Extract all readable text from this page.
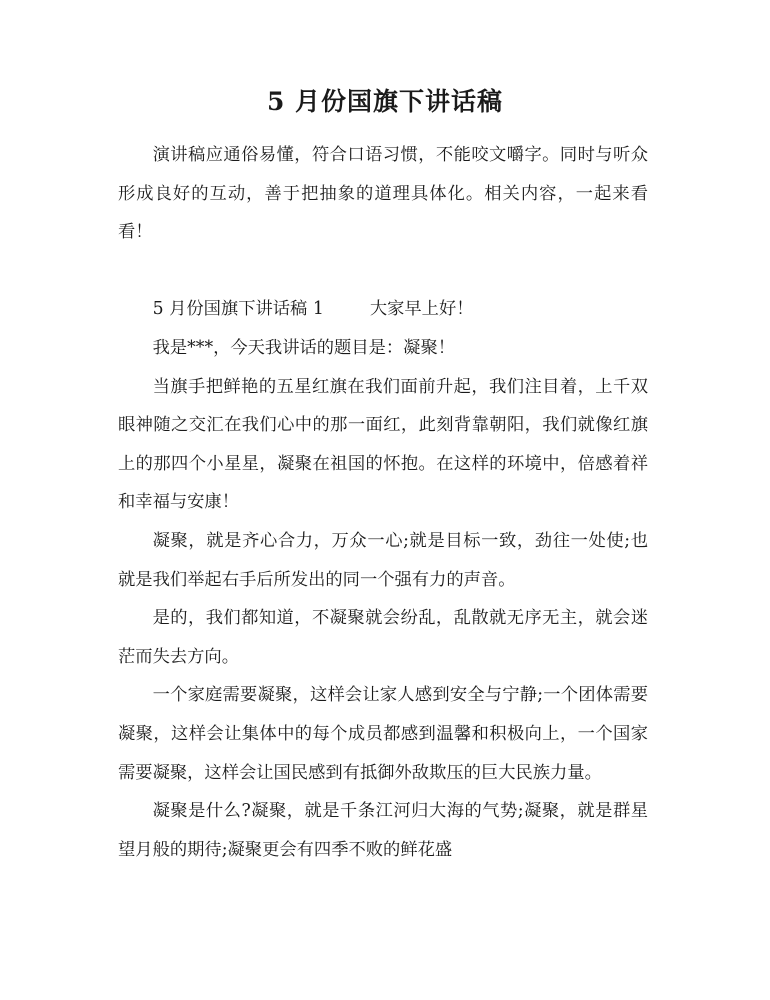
5 月份国旗下讲话稿

演讲稿应通俗易懂，符合口语习惯，不能咬文嚼字。同时与听众形成良好的互动，善于把抽象的道理具体化。相关内容，一起来看看！

5 月份国旗下讲话稿 1	大家早上好！

我是***，今天我讲话的题目是：凝聚！

当旗手把鲜艳的五星红旗在我们面前升起，我们注目着，上千双眼神随之交汇在我们心中的那一面红，此刻背靠朝阳，我们就像红旗上的那四个小星星，凝聚在祖国的怀抱。在这样的环境中，倍感着祥和幸福与安康！

凝聚，就是齐心合力，万众一心;就是目标一致，劲往一处使;也就是我们举起右手后所发出的同一个强有力的声音。

是的，我们都知道，不凝聚就会纷乱，乱散就无序无主，就会迷茫而失去方向。

一个家庭需要凝聚，这样会让家人感到安全与宁静;一个团体需要凝聚，这样会让集体中的每个成员都感到温馨和积极向上，一个国家需要凝聚，这样会让国民感到有抵御外敌欺压的巨大民族力量。

凝聚是什么?凝聚，就是千条江河归大海的气势;凝聚，就是群星望月般的期待;凝聚更会有四季不败的鲜花盛
